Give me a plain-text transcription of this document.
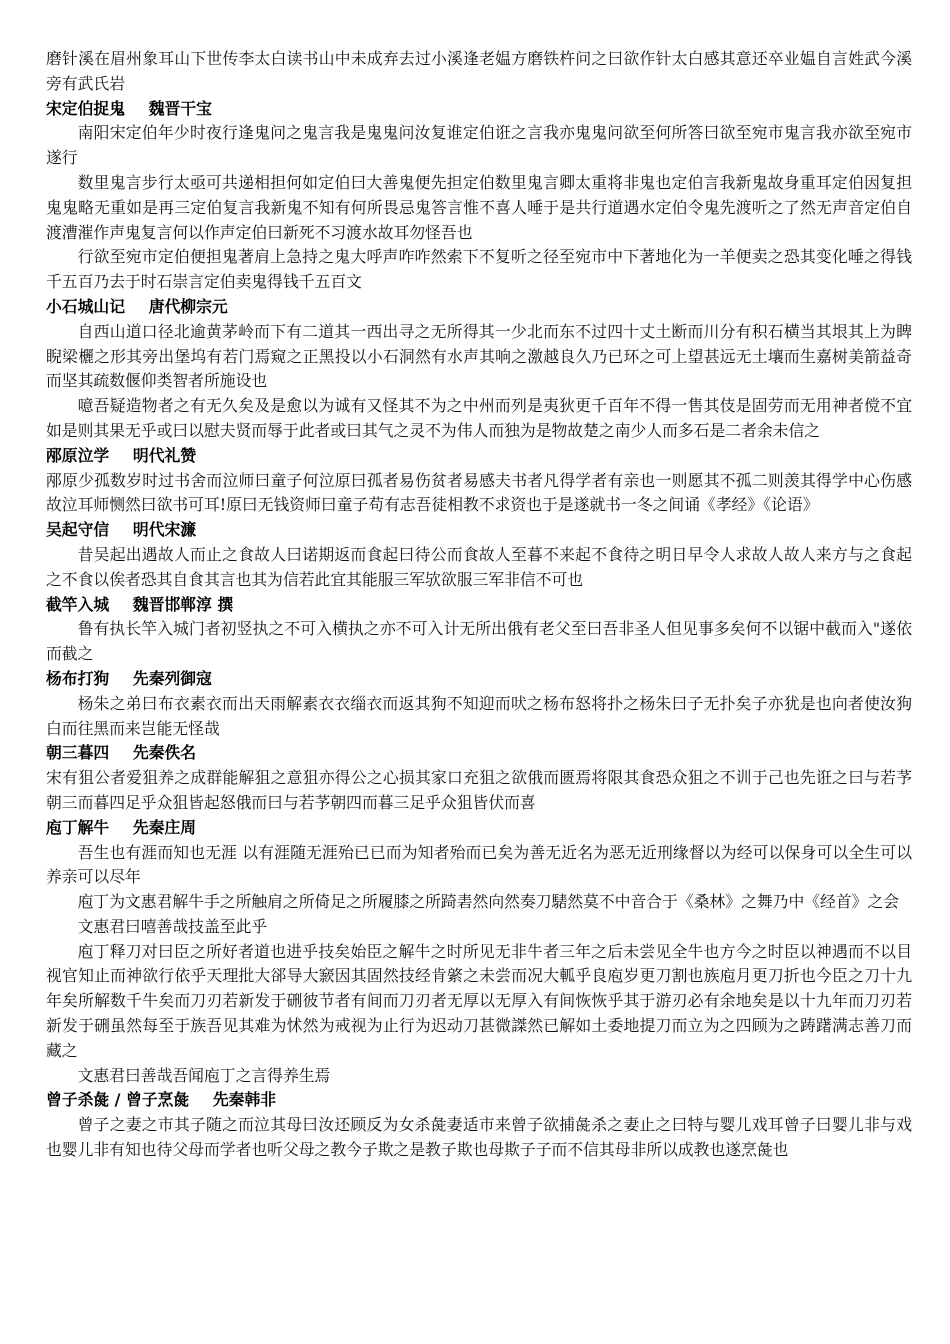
磨针溪在眉州象耳山下世传李太白读书山中未成弃去过小溪逢老媪方磨铁杵问之曰欲作针太白感其意还卒业媪自言姓武今溪旁有武氏岩

宋定伯捉鬼 魏晋干宝

南阳宋定伯年少时夜行逢鬼问之鬼言我是鬼鬼问汝复谁定伯诳之言我亦鬼鬼问欲至何所答曰欲至宛市鬼言我亦欲至宛市遂行

数里鬼言步行太亟可共递相担何如定伯曰大善鬼便先担定伯数里鬼言卿太重将非鬼也定伯言我新鬼故身重耳定伯因复担鬼鬼略无重如是再三定伯复言我新鬼不知有何所畏忌鬼答言惟不喜人唾于是共行道遇水定伯令鬼先渡听之了然无声音定伯自渡漕漼作声鬼复言何以作声定伯曰新死不习渡水故耳勿怪吾也

行欲至宛市定伯便担鬼著肩上急持之鬼大呼声咋咋然索下不复听之径至宛市中下著地化为一羊便卖之恐其变化唾之得钱千五百乃去于时石崇言定伯卖鬼得钱千五百文

小石城山记 唐代柳宗元

自西山道口径北逾黄茅岭而下有二道其一西出寻之无所得其一少北而东不过四十丈土断而川分有积石横当其垠其上为睥睨梁欐之形其旁出堡坞有若门焉窥之正黑投以小石洞然有水声其响之激越良久乃已环之可上望甚远无土壤而生嘉树美箭益奇而坚其疏数偃仰类智者所施设也

噫吾疑造物者之有无久矣及是愈以为诚有又怪其不为之中州而列是夷狄更千百年不得一售其伎是固劳而无用神者傥不宜如是则其果无乎或曰以慰夫贤而辱于此者或曰其气之灵不为伟人而独为是物故楚之南少人而多石是二者余未信之

邴原泣学 明代礼赞

邴原少孤数岁时过书舍而泣师曰童子何泣原曰孤者易伤贫者易感夫书者凡得学者有亲也一则愿其不孤二则羡其得学中心伤感故泣耳师恻然曰欲书可耳!原曰无钱资师曰童子苟有志吾徒相教不求资也于是遂就书一冬之间诵《孝经》《论语》

吴起守信 明代宋濂

昔吴起出遇故人而止之食故人曰诺期返而食起曰待公而食故人至暮不来起不食待之明日早令人求故人故人来方与之食起之不食以俟者恐其自食其言也其为信若此宜其能服三军欤欲服三军非信不可也

截竿入城 魏晋邯郸淳 撰

鲁有执长竿入城门者初竖执之不可入横执之亦不可入计无所出俄有老父至曰吾非圣人但见事多矣何不以锯中截而入"遂依而截之

杨布打狗 先秦列御寇

杨朱之弟曰布衣素衣而出天雨解素衣衣缁衣而返其狗不知迎而吠之杨布怒将扑之杨朱曰子无扑矣子亦犹是也向者使汝狗白而往黑而来岂能无怪哉

朝三暮四 先秦佚名

宋有狙公者爱狙养之成群能解狙之意狙亦得公之心损其家口充狙之欲俄而匮焉将限其食恐众狙之不训于己也先诳之曰与若芧朝三而暮四足乎众狙皆起怒俄而曰与若芧朝四而暮三足乎众狙皆伏而喜

庖丁解牛 先秦庄周

吾生也有涯而知也无涯 以有涯随无涯殆已已而为知者殆而已矣为善无近名为恶无近刑缘督以为经可以保身可以全生可以养亲可以尽年

庖丁为文惠君解牛手之所触肩之所倚足之所履膝之所踦砉然向然奏刀騞然莫不中音合于《桑林》之舞乃中《经首》之会

文惠君曰嘻善哉技盖至此乎

庖丁释刀对曰臣之所好者道也进乎技矣始臣之解牛之时所见无非牛者三年之后未尝见全牛也方今之时臣以神遇而不以目视官知止而神欲行依乎天理批大郤导大窾因其固然技经肯綮之未尝而况大軱乎良庖岁更刀割也族庖月更刀折也今臣之刀十九年矣所解数千牛矣而刀刃若新发于硎彼节者有间而刀刃者无厚以无厚入有间恢恢乎其于游刃必有余地矣是以十九年而刀刃若新发于硎虽然每至于族吾见其难为怵然为戒视为止行为迟动刀甚微謋然已解如土委地提刀而立为之四顾为之踌躇满志善刀而藏之

文惠君曰善哉吾闻庖丁之言得养生焉

曾子杀彘 / 曾子烹彘 先秦韩非

曾子之妻之市其子随之而泣其母曰汝还顾反为女杀彘妻适市来曾子欲捕彘杀之妻止之曰特与婴儿戏耳曾子曰婴儿非与戏也婴儿非有知也待父母而学者也听父母之教今子欺之是教子欺也母欺子子而不信其母非所以成教也遂烹彘也
